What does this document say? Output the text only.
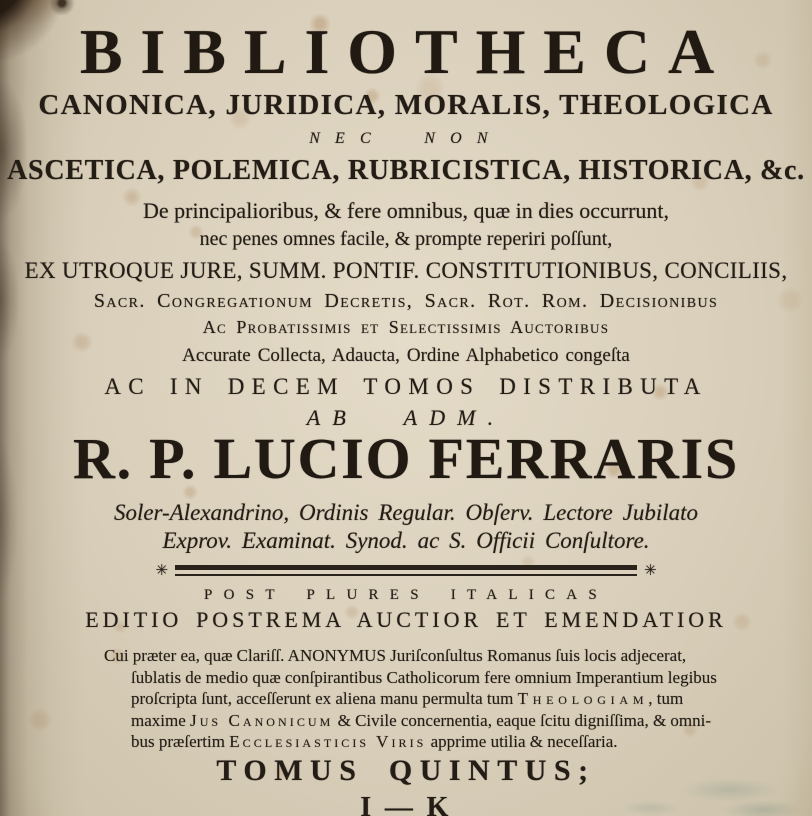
BIBLIOTHECA
CANONICA, JURIDICA, MORALIS, THEOLOGICA
NEC NON
ASCETICA, POLEMICA, RUBRICISTICA, HISTORICA, &c.
De principalioribus, & fere omnibus, quæ in dies occurrunt,
nec penes omnes facile, & prompte reperiri poſſunt,
EX UTROQUE JURE, SUMM. PONTIF. CONSTITUTIONIBUS, CONCILIIS,
Sacr. Congregationum Decretis, Sacr. Rot. Rom. Decisionibus
Ac Probatissimis et Selectissimis Auctoribus
Accurate Collecta, Adaucta, Ordine Alphabetico congeſta
AC IN DECEM TOMOS DISTRIBUTA
AB ADM.
R. P. LUCIO FERRARIS
Soler-Alexandrino, Ordinis Regular. Obſerv. Lectore Jubilato
Exprov. Examinat. Synod. ac S. Officii Conſultore.
✳	✳
POST PLURES ITALICAS
EDITIO POSTREMA AUCTIOR ET EMENDATIOR
Cui præter ea, quæ Clariſſ. ANONYMUS Juriſconſultus Romanus ſuis locis adjecerat,
ſublatis de medio quæ conſpirantibus Catholicorum fere omnium Imperantium legibus
proſcripta ſunt, acceſſerunt ex aliena manu permulta tum Theologiam, tum
maxime Jus Canonicum & Civile concernentia, eaque ſcitu digniſſima, & omni-
bus præſertim Ecclesiasticis Viris apprime utilia & neceſſaria.
TOMUS QUINTUS;
I — K
